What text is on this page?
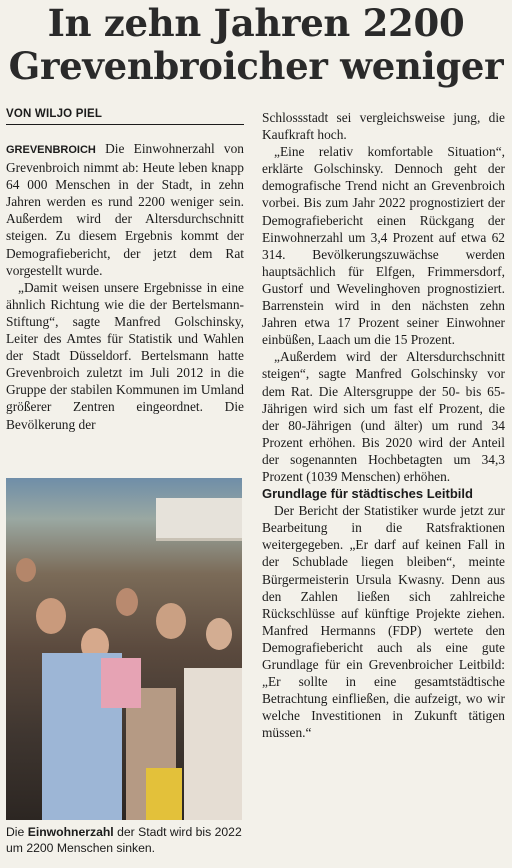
In zehn Jahren 2200
Grevenbroicher weniger
VON WILJO PIEL

GREVENBROICH Die Einwohnerzahl von Grevenbroich nimmt ab: Heute leben knapp 64 000 Menschen in der Stadt, in zehn Jahren werden es rund 2200 weniger sein. Außerdem wird der Altersdurchschnitt steigen. Zu diesem Ergebnis kommt der Demografiebericht, der jetzt dem Rat vorgestellt wurde.

„Damit weisen unsere Ergebnisse in eine ähnlich Richtung wie die der Bertelsmann-Stiftung“, sagte Manfred Golschinsky, Leiter des Amtes für Statistik und Wahlen der Stadt Düsseldorf. Bertelsmann hatte Grevenbroich zuletzt im Juli 2012 in die Gruppe der stabilen Kommunen im Umland größerer Zentren eingeordnet. Die Bevölkerung der

Die Einwohnerzahl der Stadt wird bis 2022 um 2200 Menschen sinken.

Schlossstadt sei vergleichsweise jung, die Kaufkraft hoch.

„Eine relativ komfortable Situation“, erklärte Golschinsky. Dennoch geht der demografische Trend nicht an Grevenbroich vorbei. Bis zum Jahr 2022 prognostiziert der Demografiebericht einen Rückgang der Einwohnerzahl um 3,4 Prozent auf etwa 62 314. Bevölkerungszuwächse werden hauptsächlich für Elfgen, Frimmersdorf, Gustorf und Wevelinghoven prognostiziert. Barrenstein wird in den nächsten zehn Jahren etwa 17 Prozent seiner Einwohner einbüßen, Laach um die 15 Prozent.

„Außerdem wird der Altersdurchschnitt steigen“, sagte Manfred Golschinsky vor dem Rat. Die Altersgruppe der 50- bis 65-Jährigen wird sich um fast elf Prozent, die der 80-Jährigen (und älter) um rund 34 Prozent erhöhen. Bis 2020 wird der Anteil der sogenannten Hochbetagten um 34,3 Prozent (1039 Menschen) erhöhen.

Grundlage für städtisches Leitbild

Der Bericht der Statistiker wurde jetzt zur Bearbeitung in die Ratsfraktionen weitergegeben. „Er darf auf keinen Fall in der Schublade liegen bleiben“, meinte Bürgermeisterin Ursula Kwasny. Denn aus den Zahlen ließen sich zahlreiche Rückschlüsse auf künftige Projekte ziehen. Manfred Hermanns (FDP) wertete den Demografiebericht auch als eine gute Grundlage für ein Grevenbroicher Leitbild: „Er sollte in eine gesamtstädtische Betrachtung einfließen, die aufzeigt, wo wir welche Investitionen in Zukunft tätigen müssen.“
